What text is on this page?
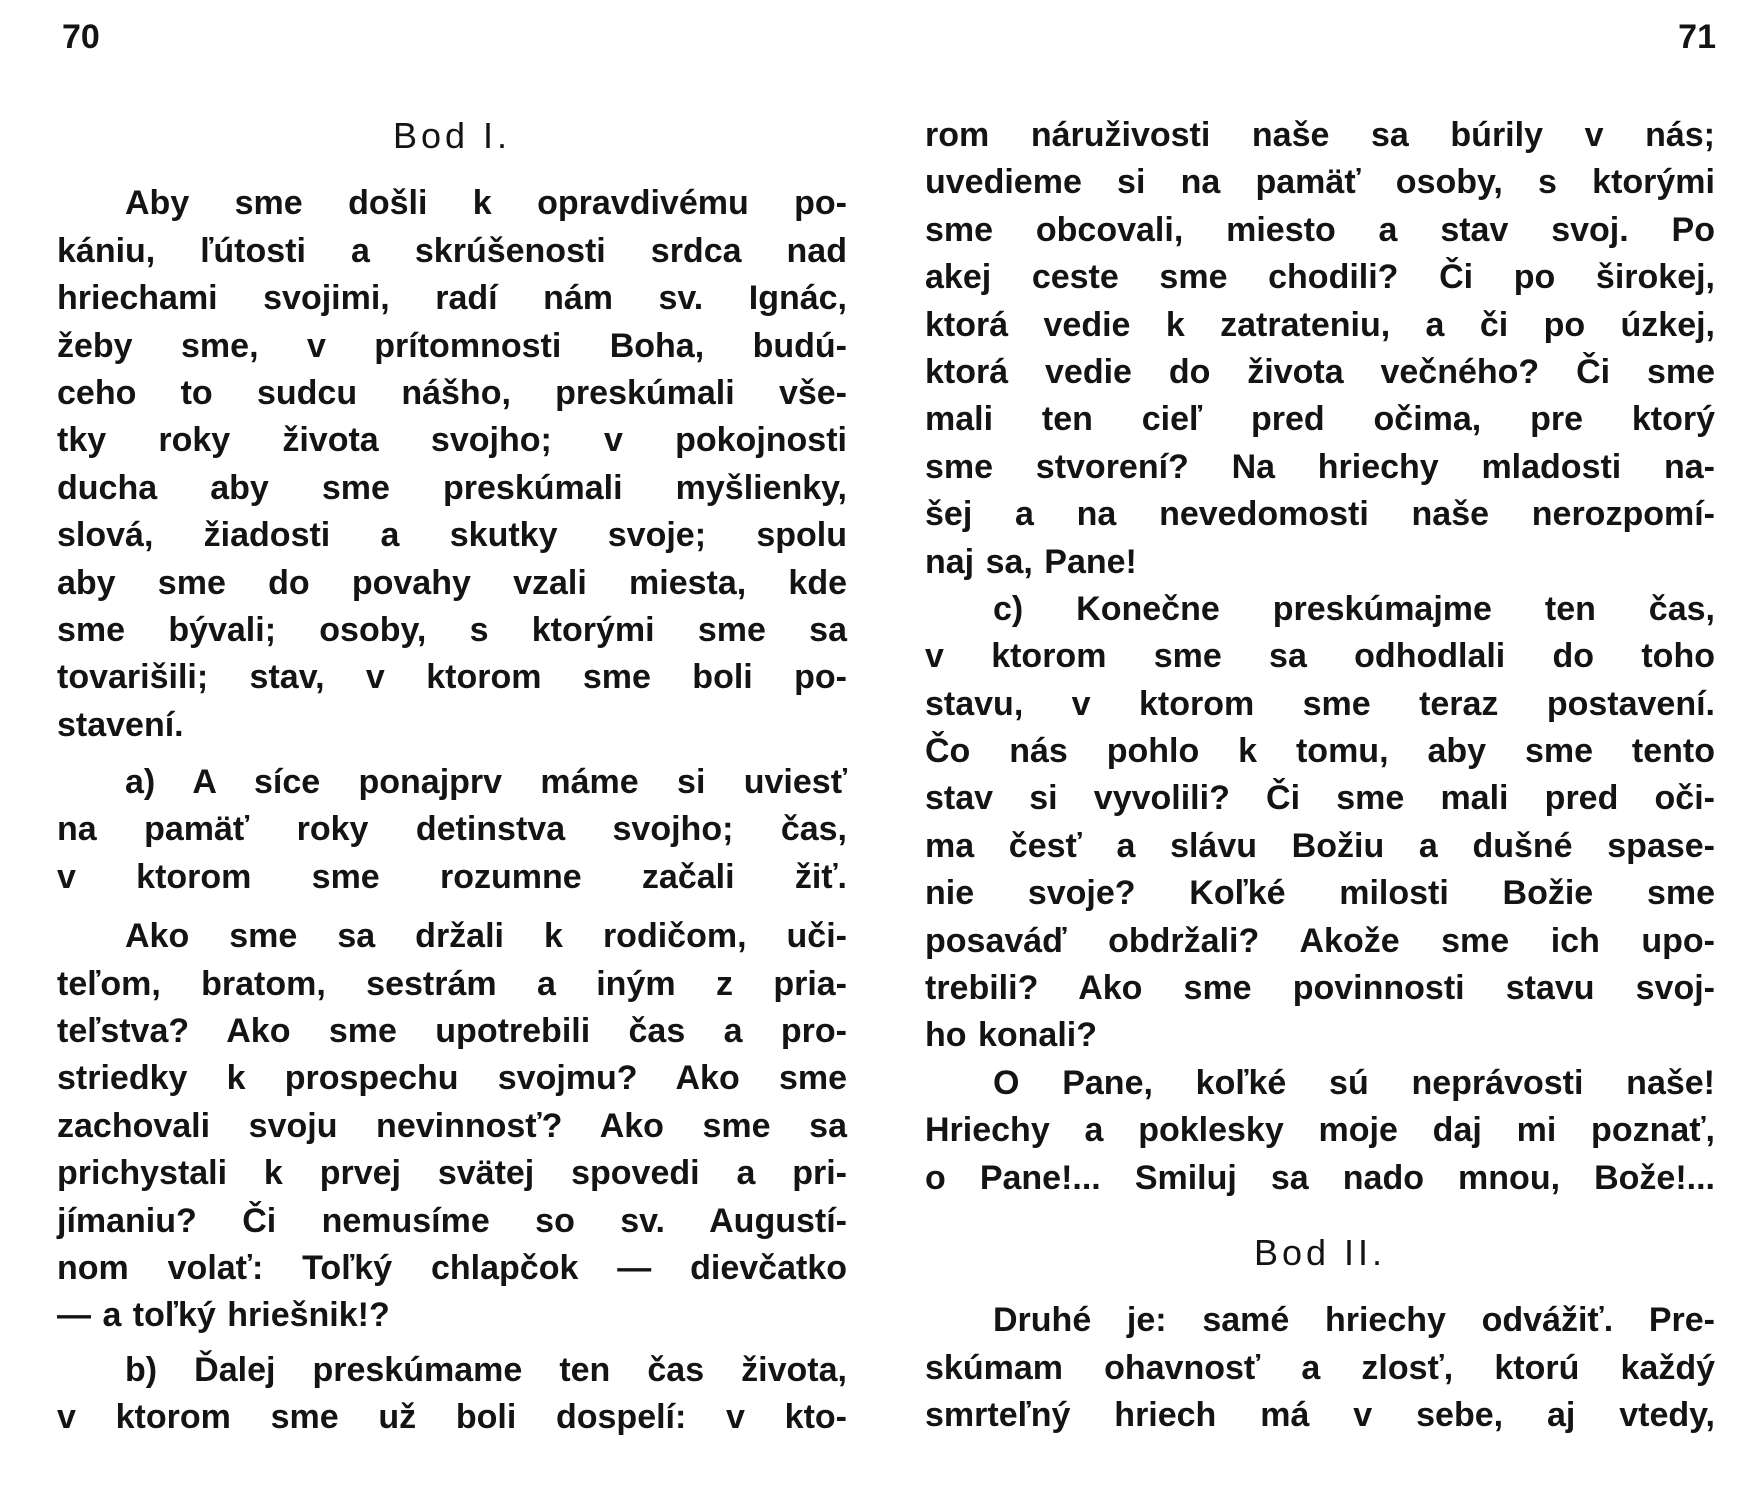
70	71
Bod I.
Aby sme došli k opravdivému po-
kániu, ľútosti a skrúšenosti srdca nad
hriechami svojimi, radí nám sv. Ignác,
žeby sme, v prítomnosti Boha, budú-
ceho to sudcu nášho, preskúmali vše-
tky roky života svojho; v pokojnosti
ducha aby sme preskúmali myšlienky,
slová, žiadosti a skutky svoje; spolu
aby sme do povahy vzali miesta, kde
sme bývali; osoby, s ktorými sme sa
tovarišili; stav, v ktorom sme boli po-
stavení.
a) A síce ponajprv máme si uviesť
na pamäť roky detinstva svojho; čas,
v ktorom sme rozumne začali žiť.
Ako sme sa držali k rodičom, uči-
teľom, bratom, sestrám a iným z pria-
teľstva? Ako sme upotrebili čas a pro-
striedky k prospechu svojmu? Ako sme
zachovali svoju nevinnosť? Ako sme sa
prichystali k prvej svätej spovedi a pri-
jímaniu? Či nemusíme so sv. Augustí-
nom volať: Toľký chlapčok — dievčatko
— a toľký hriešnik!?
b) Ďalej preskúmame ten čas života,
v ktorom sme už boli dospelí: v kto-
rom náruživosti naše sa búrily v nás;
uvedieme si na pamäť osoby, s ktorými
sme obcovali, miesto a stav svoj. Po
akej ceste sme chodili? Či po širokej,
ktorá vedie k zatrateniu, a či po úzkej,
ktorá vedie do života večného? Či sme
mali ten cieľ pred očima, pre ktorý
sme stvorení? Na hriechy mladosti na-
šej a na nevedomosti naše nerozpomí-
naj sa, Pane!
c) Konečne preskúmajme ten čas,
v ktorom sme sa odhodlali do toho
stavu, v ktorom sme teraz postavení.
Čo nás pohlo k tomu, aby sme tento
stav si vyvolili? Či sme mali pred oči-
ma česť a slávu Božiu a dušné spase-
nie svoje? Koľké milosti Božie sme
posaváď obdržali? Akože sme ich upo-
trebili? Ako sme povinnosti stavu svoj-
ho konali?
O Pane, koľké sú neprávosti naše!
Hriechy a poklesky moje daj mi poznať,
o Pane!... Smiluj sa nado mnou, Bože!...
Bod II.
Druhé je: samé hriechy odvážiť. Pre-
skúmam ohavnosť a zlosť, ktorú každý
smrteľný hriech má v sebe, aj vtedy,
